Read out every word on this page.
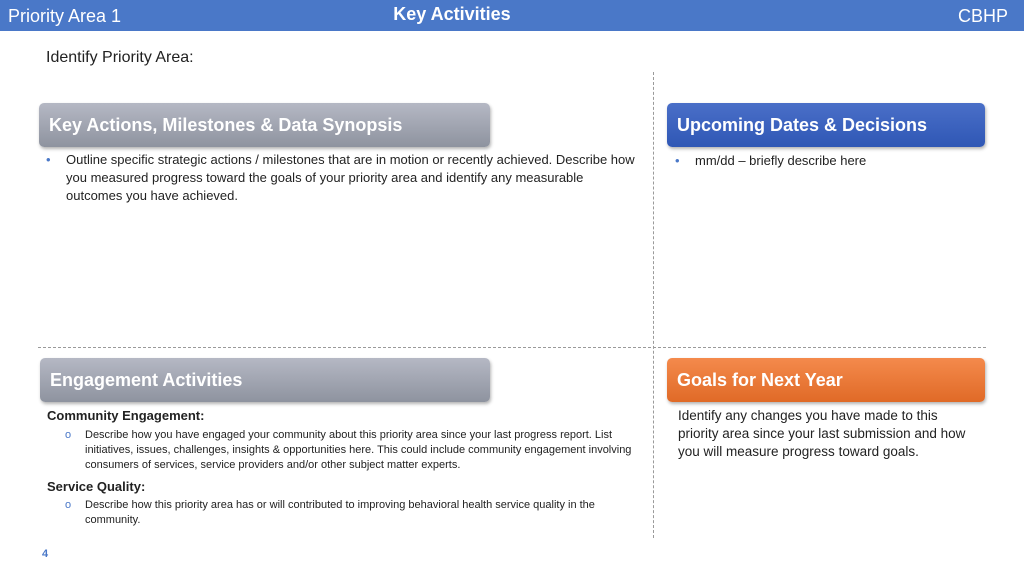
Priority Area 1	Key Activities	CBHP
Identify Priority Area:
Key Actions, Milestones & Data Synopsis
• Outline specific strategic actions / milestones that are in motion or recently achieved. Describe how you measured progress toward the goals of your priority area and identify any measurable outcomes you have achieved.
Upcoming Dates & Decisions
• mm/dd – briefly describe here
Engagement Activities
Community Engagement:
o Describe how you have engaged your community about this priority area since your last progress report. List initiatives, issues, challenges, insights & opportunities here. This could include community engagement involving consumers of services, service providers and/or other subject matter experts.
Service Quality:
o Describe how this priority area has or will contributed to improving behavioral health service quality in the community.
Goals for Next Year
Identify any changes you have made to this priority area since your last submission and how you will measure progress toward goals.
4
